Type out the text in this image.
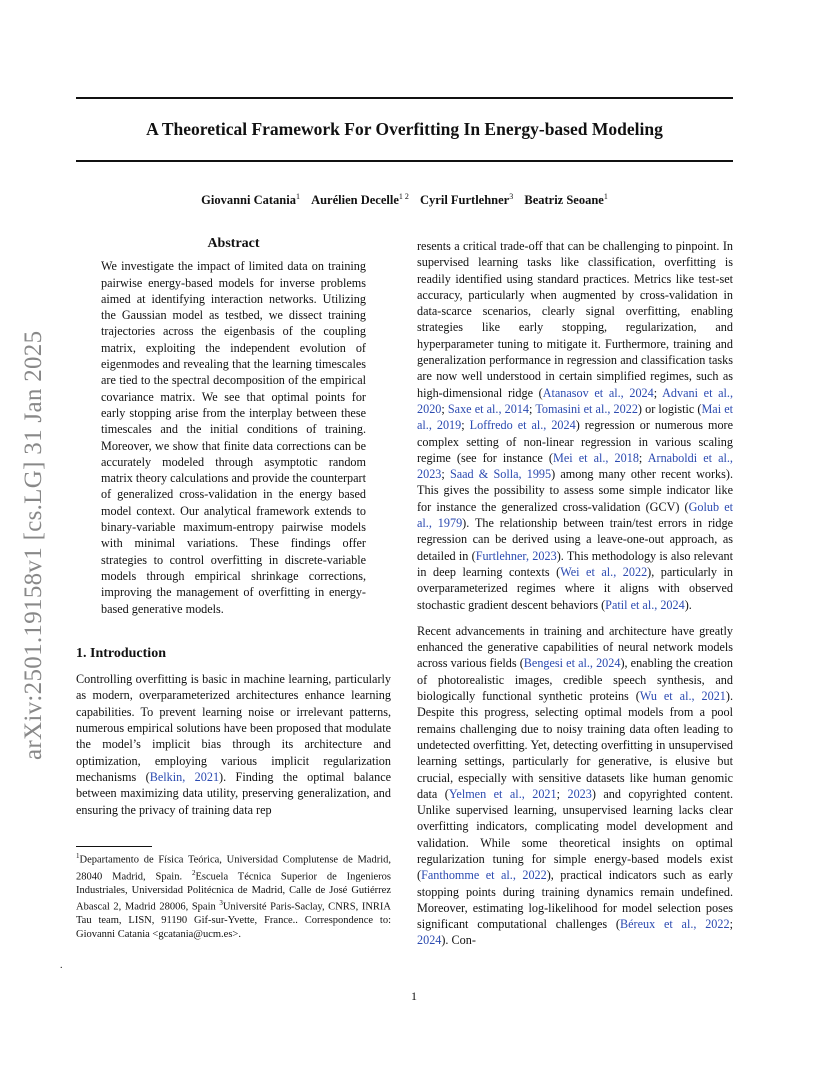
A Theoretical Framework For Overfitting In Energy-based Modeling
Giovanni Catania$^1$ Aurélien Decelle$^{1 2}$ Cyril Furtlehner$^3$ Beatriz Seoane$^1$
arXiv:2501.19158v1 [cs.LG] 31 Jan 2025
Abstract
We investigate the impact of limited data on training pairwise energy-based models for inverse problems aimed at identifying interaction networks. Utilizing the Gaussian model as testbed, we dissect training trajectories across the eigenbasis of the coupling matrix, exploiting the independent evolution of eigenmodes and revealing that the learning timescales are tied to the spectral decomposition of the empirical covariance matrix. We see that optimal points for early stopping arise from the interplay between these timescales and the initial conditions of training. Moreover, we show that finite data corrections can be accurately modeled through asymptotic random matrix theory calculations and provide the counterpart of generalized cross-validation in the energy based model context. Our analytical framework extends to binary-variable maximum-entropy pairwise models with minimal variations. These findings offer strategies to control overfitting in discrete-variable models through empirical shrinkage corrections, improving the management of overfitting in energy-based generative models.
1. Introduction

Controlling overfitting is basic in machine learning, particularly as modern, overparameterized architectures enhance learning capabilities. To prevent learning noise or irrelevant patterns, numerous empirical solutions have been proposed that modulate the model’s implicit bias through its architecture and optimization, employing various implicit regularization mechanisms (Belkin, 2021). Finding the optimal balance between maximizing data utility, preserving generalization, and ensuring the privacy of training data rep

resents a critical trade-off that can be challenging to pinpoint. In supervised learning tasks like classification, overfitting is readily identified using standard practices. Metrics like test-set accuracy, particularly when augmented by cross-validation in data-scarce scenarios, clearly signal overfitting, enabling strategies like early stopping, regularization, and hyperparameter tuning to mitigate it. Furthermore, training and generalization performance in regression and classification tasks are now well understood in certain simplified regimes, such as high-dimensional ridge (Atanasov et al., 2024; Advani et al., 2020; Saxe et al., 2014; Tomasini et al., 2022) or logistic (Mai et al., 2019; Loffredo et al., 2024) regression or numerous more complex setting of non-linear regression in various scaling regime (see for instance (Mei et al., 2018; Arnaboldi et al., 2023; Saad & Solla, 1995) among many other recent works). This gives the possibility to assess some simple indicator like for instance the generalized cross-validation (GCV) (Golub et al., 1979). The relationship between train/test errors in ridge regression can be derived using a leave-one-out approach, as detailed in (Furtlehner, 2023). This methodology is also relevant in deep learning contexts (Wei et al., 2022), particularly in overparameterized regimes where it aligns with observed stochastic gradient descent behaviors (Patil et al., 2024).

Recent advancements in training and architecture have greatly enhanced the generative capabilities of neural network models across various fields (Bengesi et al., 2024), enabling the creation of photorealistic images, credible speech synthesis, and biologically functional synthetic proteins (Wu et al., 2021). Despite this progress, selecting optimal models from a pool remains challenging due to noisy training data often leading to undetected overfitting. Yet, detecting overfitting in unsupervised learning settings, particularly for generative, is elusive but crucial, especially with sensitive datasets like human genomic data (Yelmen et al., 2021; 2023) and copyrighted content. Unlike supervised learning, unsupervised learning lacks clear overfitting indicators, complicating model development and validation. While some theoretical insights on optimal regularization tuning for simple energy-based models exist (Fanthomme et al., 2022), practical indicators such as early stopping points during training dynamics remain undefined. Moreover, estimating log-likelihood for model selection poses significant computational challenges (Béreux et al., 2022; 2024). Con-

$^1$Departamento de Física Teórica, Universidad Complutense de Madrid, 28040 Madrid, Spain. $^2$Escuela Técnica Superior de Ingenieros Industriales, Universidad Politécnica de Madrid, Calle de José Gutiérrez Abascal 2, Madrid 28006, Spain $^3$Université Paris-Saclay, CNRS, INRIA Tau team, LISN, 91190 Gif-sur-Yvette, France.. Correspondence to: Giovanni Catania <gcatania@ucm.es>.
.
1
